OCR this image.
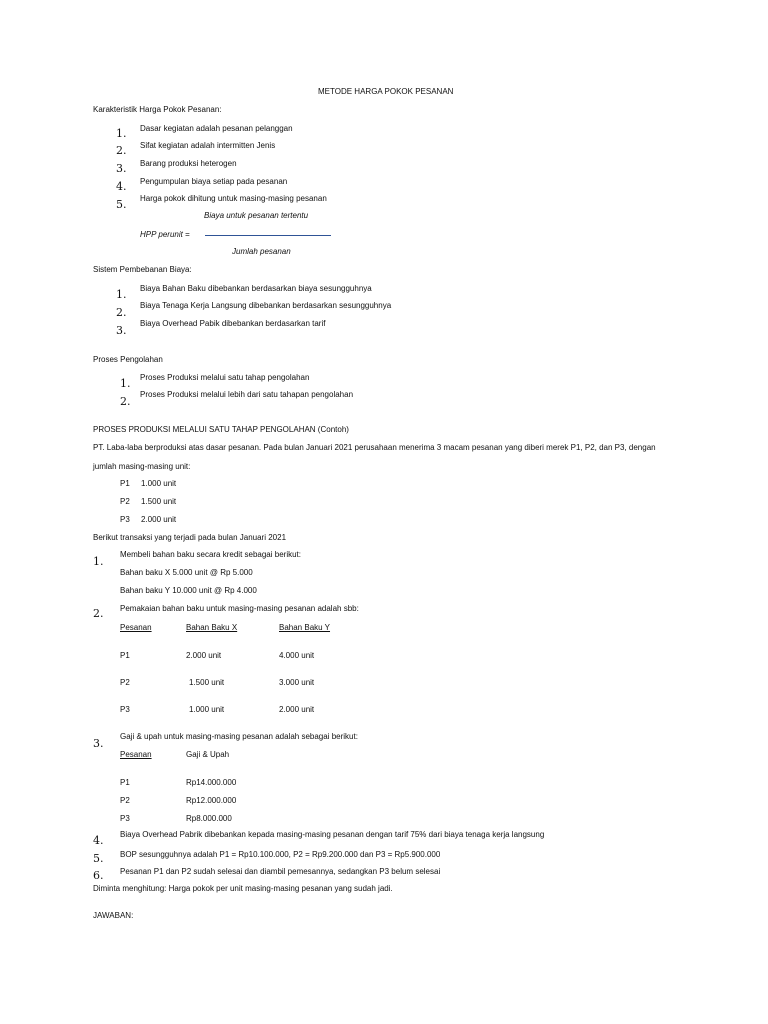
METODE HARGA POKOK PESANAN
Karakteristik Harga Pokok Pesanan:
1. Dasar kegiatan adalah pesanan pelanggan
2. Sifat kegiatan adalah intermitten Jenis
3. Barang produksi heterogen
4. Pengumpulan biaya setiap pada pesanan
5. Harga pokok dihitung untuk masing-masing pesanan
Biaya untuk pesanan tertentu
HPP perunit =
Jumlah pesanan
Sistem Pembebanan Biaya:
1. Biaya Bahan Baku dibebankan berdasarkan biaya sesungguhnya
2.
Biaya Tenaga Kerja Langsung dibebankan berdasarkan sesungguhnya
3.
Biaya Overhead Pabik dibebankan berdasarkan tarif
Proses Pengolahan
1. Proses Produksi melalui satu tahap pengolahan
2.
Proses Produksi melalui lebih dari satu tahapan pengolahan
PROSES PRODUKSI MELALUI SATU TAHAP PENGOLAHAN (Contoh)
PT. Laba-laba berproduksi atas dasar pesanan. Pada bulan Januari 2021 perusahaan menerima 3 macam pesanan yang diberi merek P1, P2, dan P3, dengan
jumlah masing-masing unit:
P1 1.000 unit
P2 1.500 unit
P3 2.000 unit
Berikut transaksi yang terjadi pada bulan Januari 2021
1.
Membeli bahan baku secara kredit sebagai berikut:
Bahan baku X 5.000 unit @ Rp 5.000
Bahan baku Y 10.000 unit @ Rp 4.000
2. Pemakaian bahan baku untuk masing-masing pesanan adalah sbb:
Pesanan	Bahan Baku X	Bahan Baku Y
P1	2.000 unit	4.000 unit
P2	1.500 unit	3.000 unit
P3	1.000 unit	2.000 unit
3.
Gaji & upah untuk masing-masing pesanan adalah sebagai berikut:
Pesanan	Gaji & Upah
P1	Rp14.000.000
P2	Rp12.000.000
P3	Rp8.000.000
4. Biaya Overhead Pabrik dibebankan kepada masing-masing pesanan dengan tarif 75% dari biaya tenaga kerja langsung
5. BOP sesungguhnya adalah P1 = Rp10.100.000, P2 = Rp9.200.000 dan P3 = Rp5.900.000
6. Pesanan P1 dan P2 sudah selesai dan diambil pemesannya, sedangkan P3 belum selesai
Diminta menghitung: Harga pokok per unit masing-masing pesanan yang sudah jadi.
JAWABAN:
